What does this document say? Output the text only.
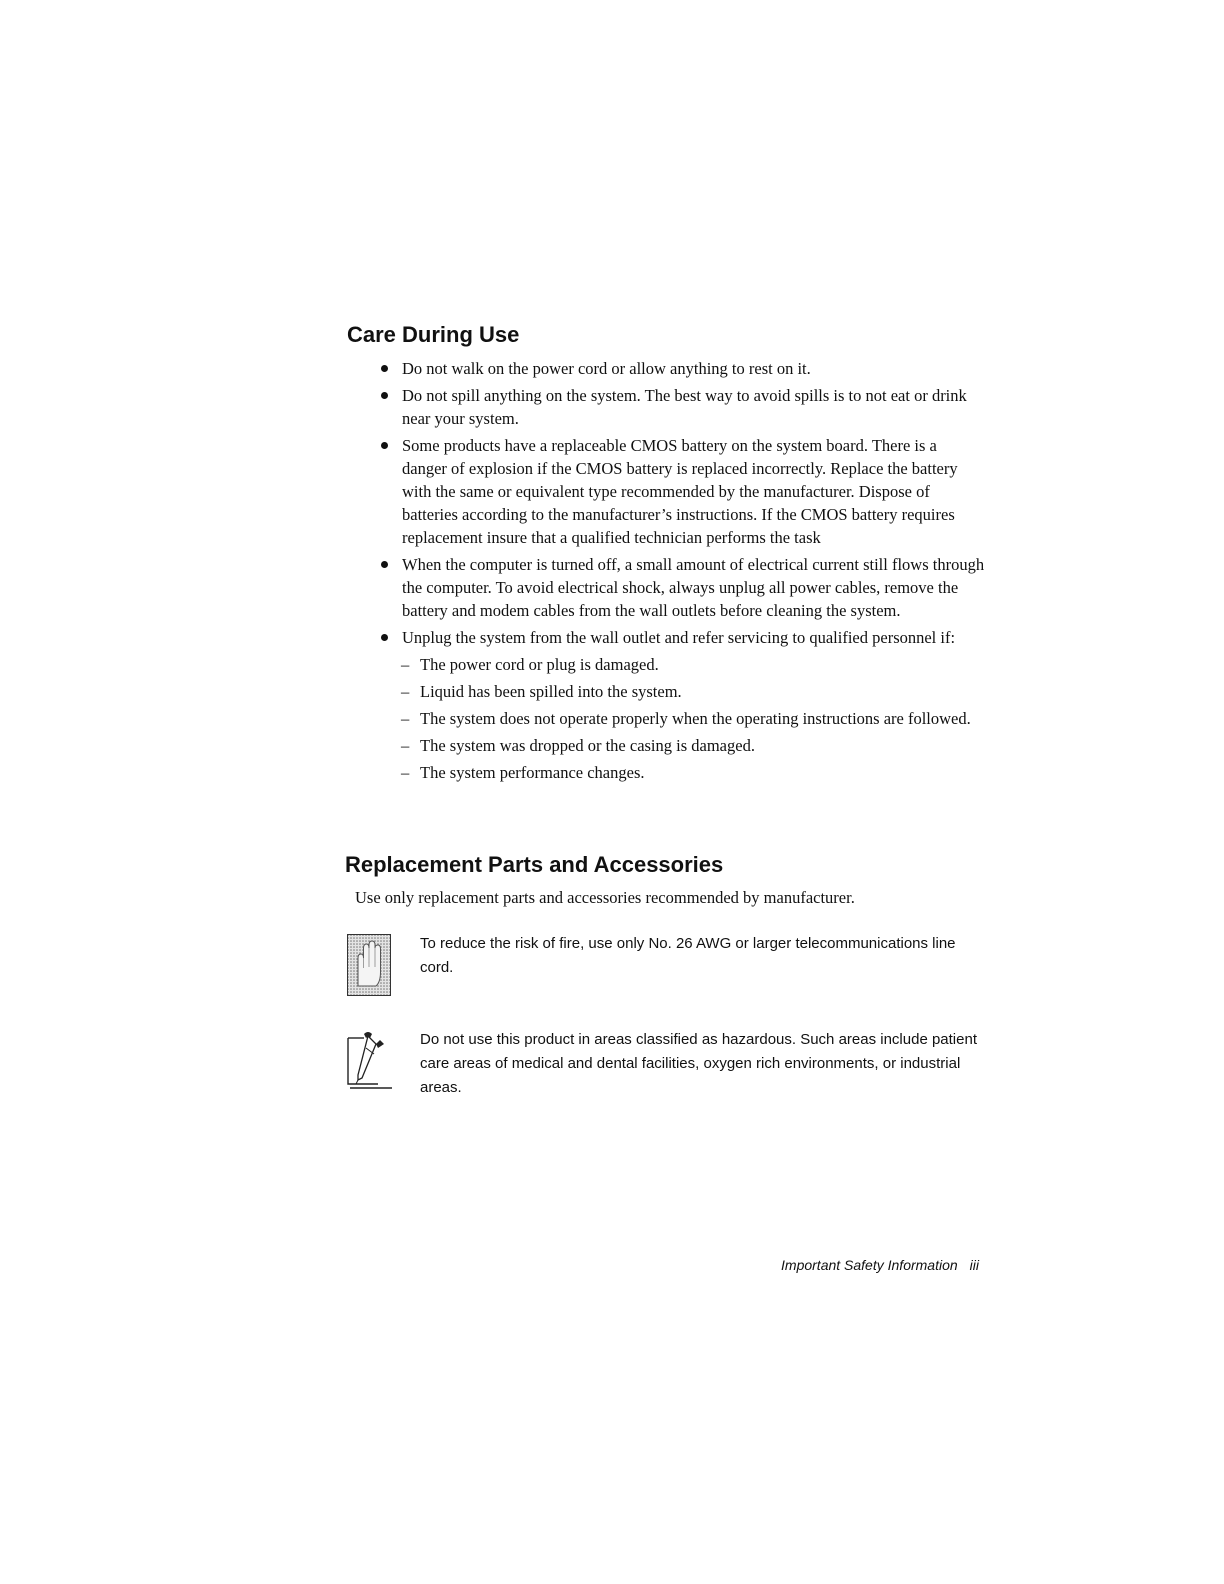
Care During Use
Do not walk on the power cord or allow anything to rest on it.
Do not spill anything on the system. The best way to avoid spills is to not eat or drink near your system.
Some products have a replaceable CMOS battery on the system board. There is a danger of explosion if the CMOS battery is replaced incorrectly. Replace the battery with the same or equivalent type recommended by the manufacturer. Dispose of batteries according to the manufacturer’s instructions. If the CMOS battery requires replacement insure that a qualified technician performs the task
When the computer is turned off, a small amount of electrical current still flows through the computer. To avoid electrical shock, always unplug all power cables, remove the battery and modem cables from the wall outlets before cleaning the system.
Unplug the system from the wall outlet and refer servicing to qualified personnel if:
– The power cord or plug is damaged.
– Liquid has been spilled into the system.
– The system does not operate properly when the operating instructions are followed.
– The system was dropped or the casing is damaged.
– The system performance changes.
Replacement Parts and Accessories

Use only replacement parts and accessories recommended by manufacturer.

To reduce the risk of fire, use only No. 26 AWG or larger telecommunications line cord.

Do not use this product in areas classified as hazardous. Such areas include patient care areas of medical and dental facilities, oxygen rich environments, or industrial areas.

Important Safety Information iii
